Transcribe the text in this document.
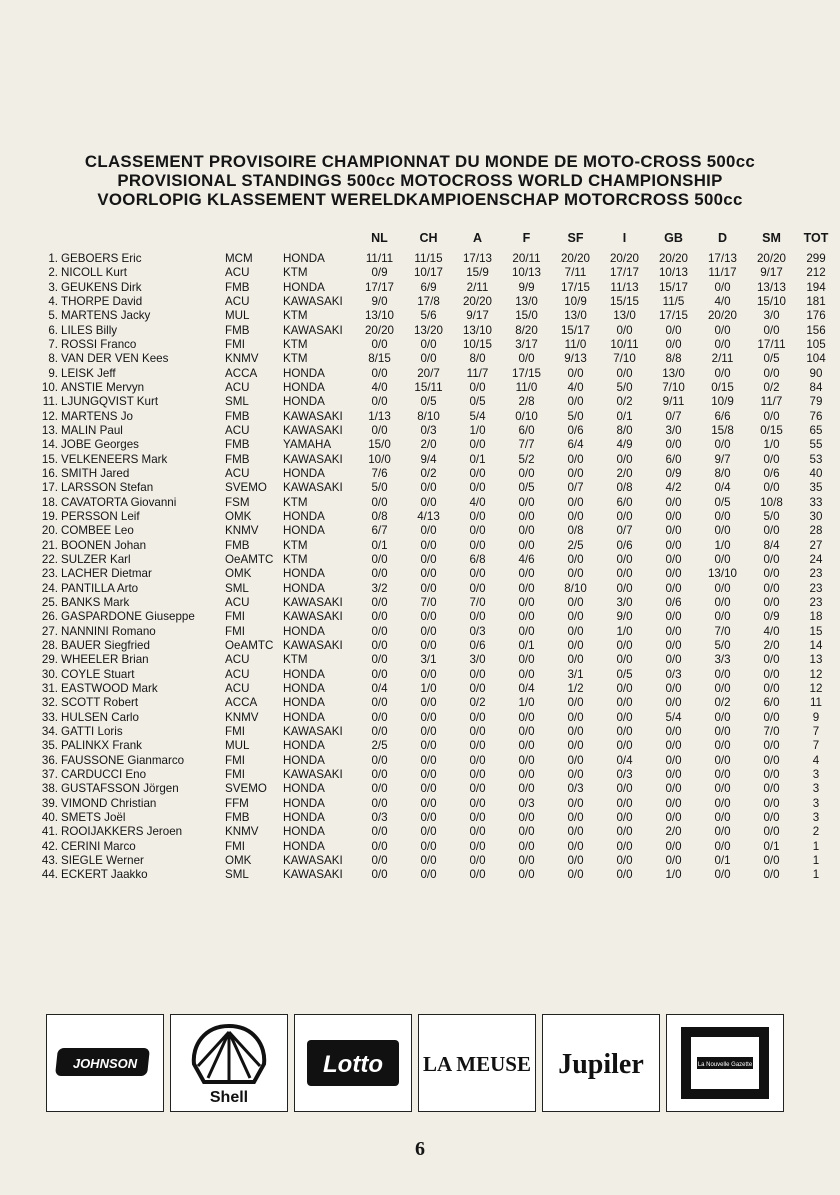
CLASSEMENT PROVISOIRE CHAMPIONNAT DU MONDE DE MOTO-CROSS 500cc
PROVISIONAL STANDINGS 500cc MOTOCROSS WORLD CHAMPIONSHIP
VOORLOPIG KLASSEMENT WERELDKAMPIOENSCHAP MOTORCROSS 500cc
				NL	CH	A	F	SF	I	GB	D	SM	TOT
1.	GEBOERS Eric	MCM	HONDA	11/11	11/15	17/13	20/11	20/20	20/20	20/20	17/13	20/20	299
2.	NICOLL Kurt	ACU	KTM	0/9	10/17	15/9	10/13	7/11	17/17	10/13	11/17	9/17	212
3.	GEUKENS Dirk	FMB	HONDA	17/17	6/9	2/11	9/9	17/15	11/13	15/17	0/0	13/13	194
4.	THORPE David	ACU	KAWASAKI	9/0	17/8	20/20	13/0	10/9	15/15	11/5	4/0	15/10	181
5.	MARTENS Jacky	MUL	KTM	13/10	5/6	9/17	15/0	13/0	13/0	17/15	20/20	3/0	176
6.	LILES Billy	FMB	KAWASAKI	20/20	13/20	13/10	8/20	15/17	0/0	0/0	0/0	0/0	156
7.	ROSSI Franco	FMI	KTM	0/0	0/0	10/15	3/17	11/0	10/11	0/0	0/0	17/11	105
8.	VAN DER VEN Kees	KNMV	KTM	8/15	0/0	8/0	0/0	9/13	7/10	8/8	2/11	0/5	104
9.	LEISK Jeff	ACCA	HONDA	0/0	20/7	11/7	17/15	0/0	0/0	13/0	0/0	0/0	90
10.	ANSTIE Mervyn	ACU	HONDA	4/0	15/11	0/0	11/0	4/0	5/0	7/10	0/15	0/2	84
11.	LJUNGQVIST Kurt	SML	HONDA	0/0	0/5	0/5	2/8	0/0	0/2	9/11	10/9	11/7	79
12.	MARTENS Jo	FMB	KAWASAKI	1/13	8/10	5/4	0/10	5/0	0/1	0/7	6/6	0/0	76
13.	MALIN Paul	ACU	KAWASAKI	0/0	0/3	1/0	6/0	0/6	8/0	3/0	15/8	0/15	65
14.	JOBE Georges	FMB	YAMAHA	15/0	2/0	0/0	7/7	6/4	4/9	0/0	0/0	1/0	55
15.	VELKENEERS Mark	FMB	KAWASAKI	10/0	9/4	0/1	5/2	0/0	0/0	6/0	9/7	0/0	53
16.	SMITH Jared	ACU	HONDA	7/6	0/2	0/0	0/0	0/0	2/0	0/9	8/0	0/6	40
17.	LARSSON Stefan	SVEMO	KAWASAKI	5/0	0/0	0/0	0/5	0/7	0/8	4/2	0/4	0/0	35
18.	CAVATORTA Giovanni	FSM	KTM	0/0	0/0	4/0	0/0	0/0	6/0	0/0	0/5	10/8	33
19.	PERSSON Leif	OMK	HONDA	0/8	4/13	0/0	0/0	0/0	0/0	0/0	0/0	5/0	30
20.	COMBEE Leo	KNMV	HONDA	6/7	0/0	0/0	0/0	0/8	0/7	0/0	0/0	0/0	28
21.	BOONEN Johan	FMB	KTM	0/1	0/0	0/0	0/0	2/5	0/6	0/0	1/0	8/4	27
22.	SULZER Karl	OeAMTC	KTM	0/0	0/0	6/8	4/6	0/0	0/0	0/0	0/0	0/0	24
23.	LACHER Dietmar	OMK	HONDA	0/0	0/0	0/0	0/0	0/0	0/0	0/0	13/10	0/0	23
24.	PANTILLA Arto	SML	HONDA	3/2	0/0	0/0	0/0	8/10	0/0	0/0	0/0	0/0	23
25.	BANKS Mark	ACU	KAWASAKI	0/0	7/0	7/0	0/0	0/0	3/0	0/6	0/0	0/0	23
26.	GASPARDONE Giuseppe	FMI	KAWASAKI	0/0	0/0	0/0	0/0	0/0	9/0	0/0	0/0	0/9	18
27.	NANNINI Romano	FMI	HONDA	0/0	0/0	0/3	0/0	0/0	1/0	0/0	7/0	4/0	15
28.	BAUER Siegfried	OeAMTC	KAWASAKI	0/0	0/0	0/6	0/1	0/0	0/0	0/0	5/0	2/0	14
29.	WHEELER Brian	ACU	KTM	0/0	3/1	3/0	0/0	0/0	0/0	0/0	3/3	0/0	13
30.	COYLE Stuart	ACU	HONDA	0/0	0/0	0/0	0/0	3/1	0/5	0/3	0/0	0/0	12
31.	EASTWOOD Mark	ACU	HONDA	0/4	1/0	0/0	0/4	1/2	0/0	0/0	0/0	0/0	12
32.	SCOTT Robert	ACCA	HONDA	0/0	0/0	0/2	1/0	0/0	0/0	0/0	0/2	6/0	11
33.	HULSEN Carlo	KNMV	HONDA	0/0	0/0	0/0	0/0	0/0	0/0	5/4	0/0	0/0	9
34.	GATTI Loris	FMI	KAWASAKI	0/0	0/0	0/0	0/0	0/0	0/0	0/0	0/0	7/0	7
35.	PALINKX Frank	MUL	HONDA	2/5	0/0	0/0	0/0	0/0	0/0	0/0	0/0	0/0	7
36.	FAUSSONE Gianmarco	FMI	HONDA	0/0	0/0	0/0	0/0	0/0	0/4	0/0	0/0	0/0	4
37.	CARDUCCI Eno	FMI	KAWASAKI	0/0	0/0	0/0	0/0	0/0	0/3	0/0	0/0	0/0	3
38.	GUSTAFSSON Jörgen	SVEMO	HONDA	0/0	0/0	0/0	0/0	0/3	0/0	0/0	0/0	0/0	3
39.	VIMOND Christian	FFM	HONDA	0/0	0/0	0/0	0/3	0/0	0/0	0/0	0/0	0/0	3
40.	SMETS Joël	FMB	HONDA	0/3	0/0	0/0	0/0	0/0	0/0	0/0	0/0	0/0	3
41.	ROOIJAKKERS Jeroen	KNMV	HONDA	0/0	0/0	0/0	0/0	0/0	0/0	2/0	0/0	0/0	2
42.	CERINI Marco	FMI	HONDA	0/0	0/0	0/0	0/0	0/0	0/0	0/0	0/0	0/1	1
43.	SIEGLE Werner	OMK	KAWASAKI	0/0	0/0	0/0	0/0	0/0	0/0	0/0	0/1	0/0	1
44.	ECKERT Jaakko	SML	KAWASAKI	0/0	0/0	0/0	0/0	0/0	0/0	1/0	0/0	0/0	1
JOHNSON
Shell
Lotto LA MEUSE Jupiler	La Nouvelle Gazette
6
